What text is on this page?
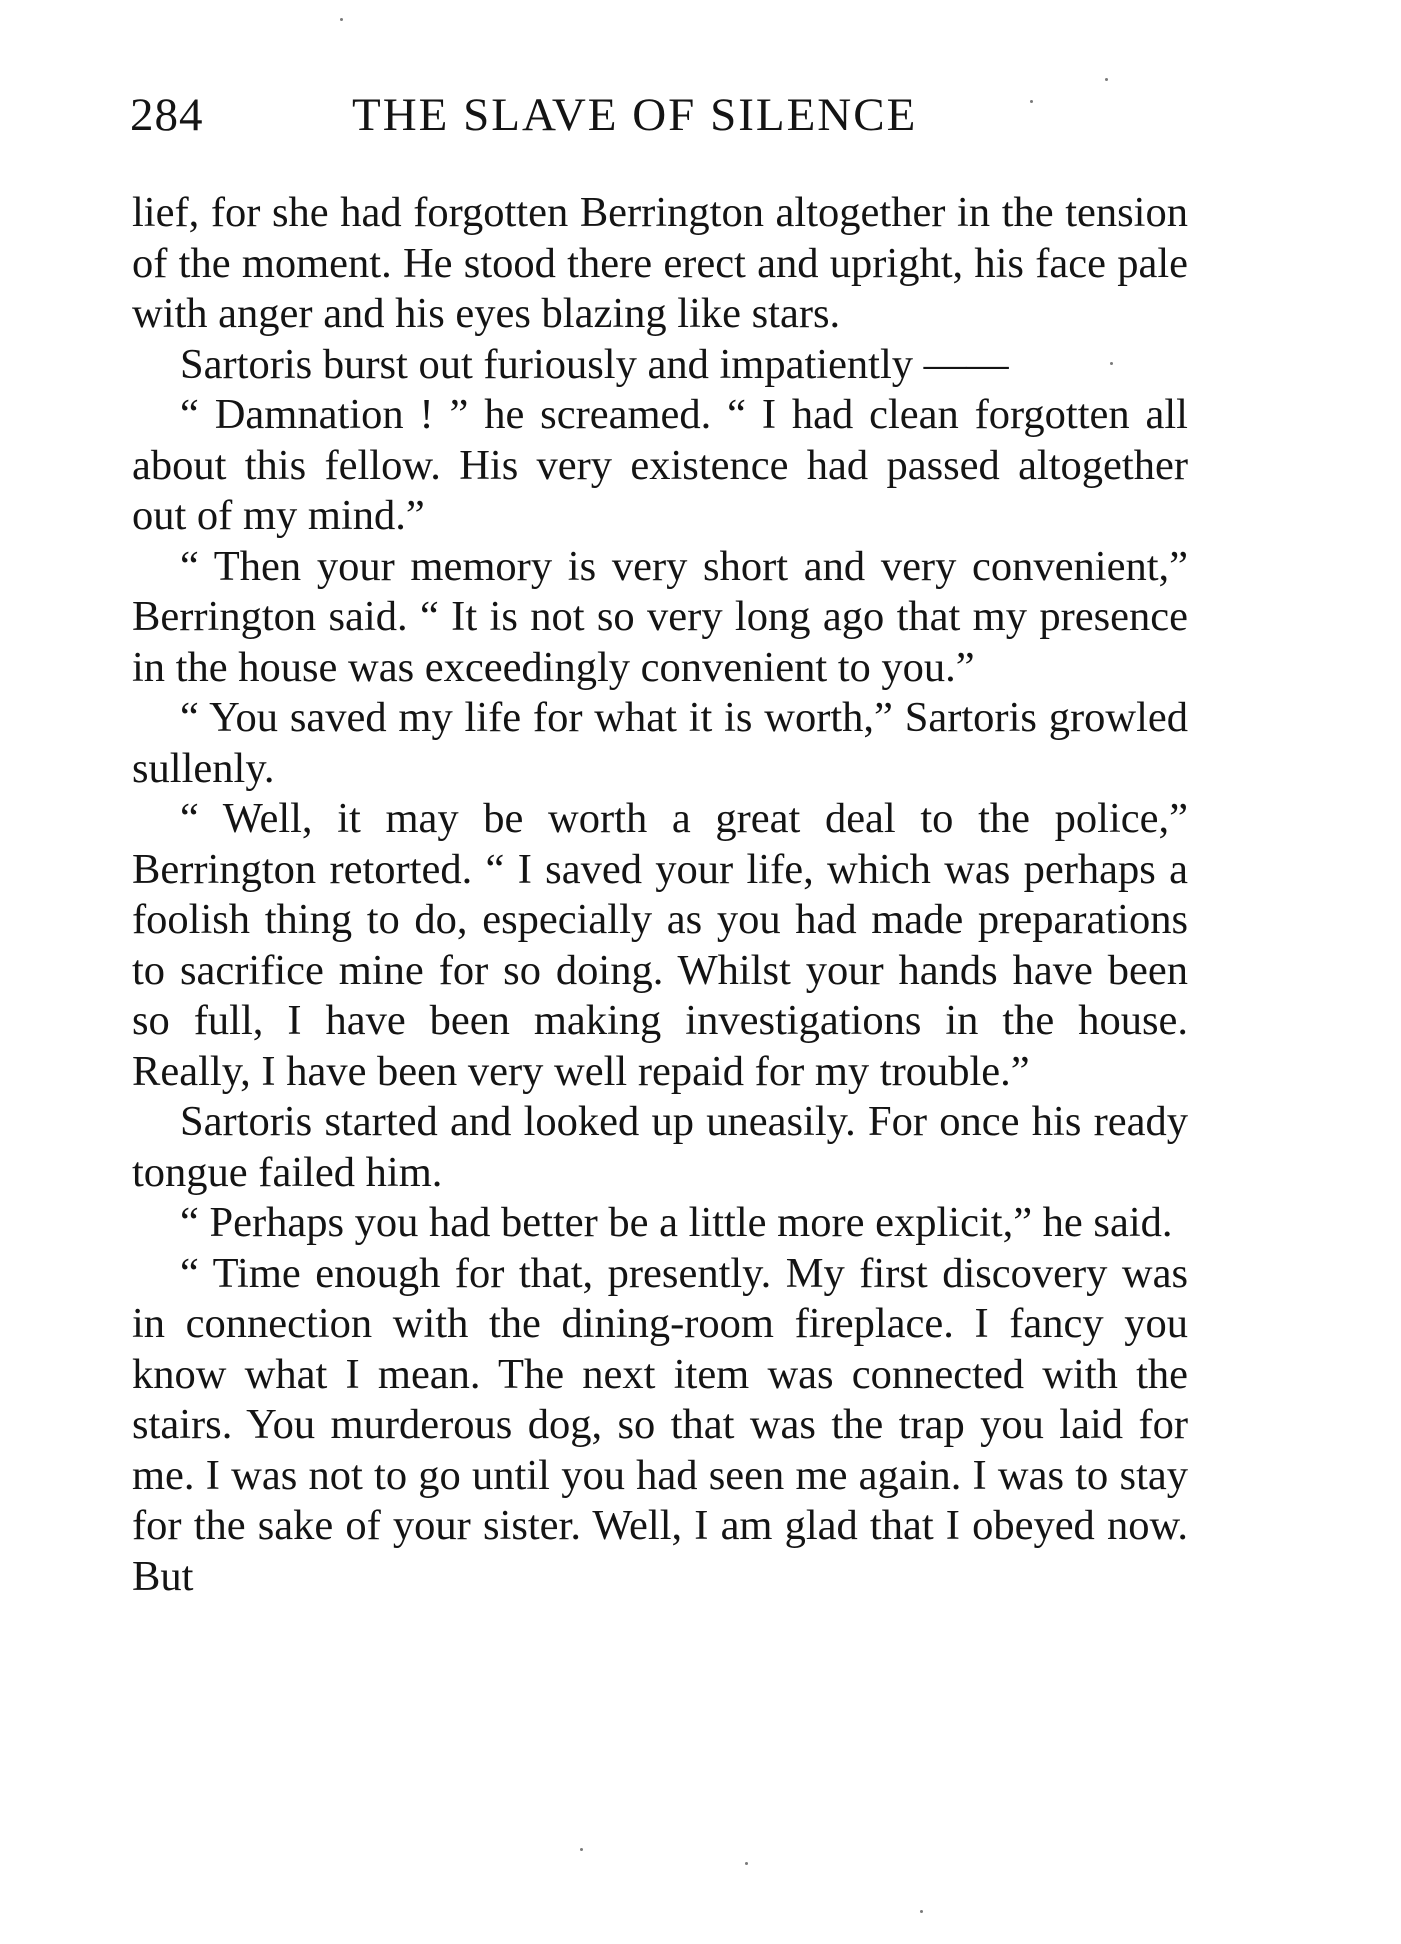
284	THE SLAVE OF SILENCE

lief, for she had forgotten Berrington altogether in the tension of the moment. He stood there erect and upright, his face pale with anger and his eyes blazing like stars.

Sartoris burst out furiously and impatiently ——

“ Damnation ! ” he screamed. “ I had clean forgotten all about this fellow. His very existence had passed altogether out of my mind.”

“ Then your memory is very short and very convenient,” Berrington said. “ It is not so very long ago that my presence in the house was exceedingly convenient to you.”

“ You saved my life for what it is worth,” Sartoris growled sullenly.

“ Well, it may be worth a great deal to the police,” Berrington retorted. “ I saved your life, which was perhaps a foolish thing to do, especially as you had made preparations to sacrifice mine for so doing. Whilst your hands have been so full, I have been making investigations in the house. Really, I have been very well repaid for my trouble.”

Sartoris started and looked up uneasily. For once his ready tongue failed him.

“ Perhaps you had better be a little more explicit,” he said.

“ Time enough for that, presently. My first discovery was in connection with the dining-room fireplace. I fancy you know what I mean. The next item was connected with the stairs. You murderous dog, so that was the trap you laid for me. I was not to go until you had seen me again. I was to stay for the sake of your sister. Well, I am glad that I obeyed now. But
